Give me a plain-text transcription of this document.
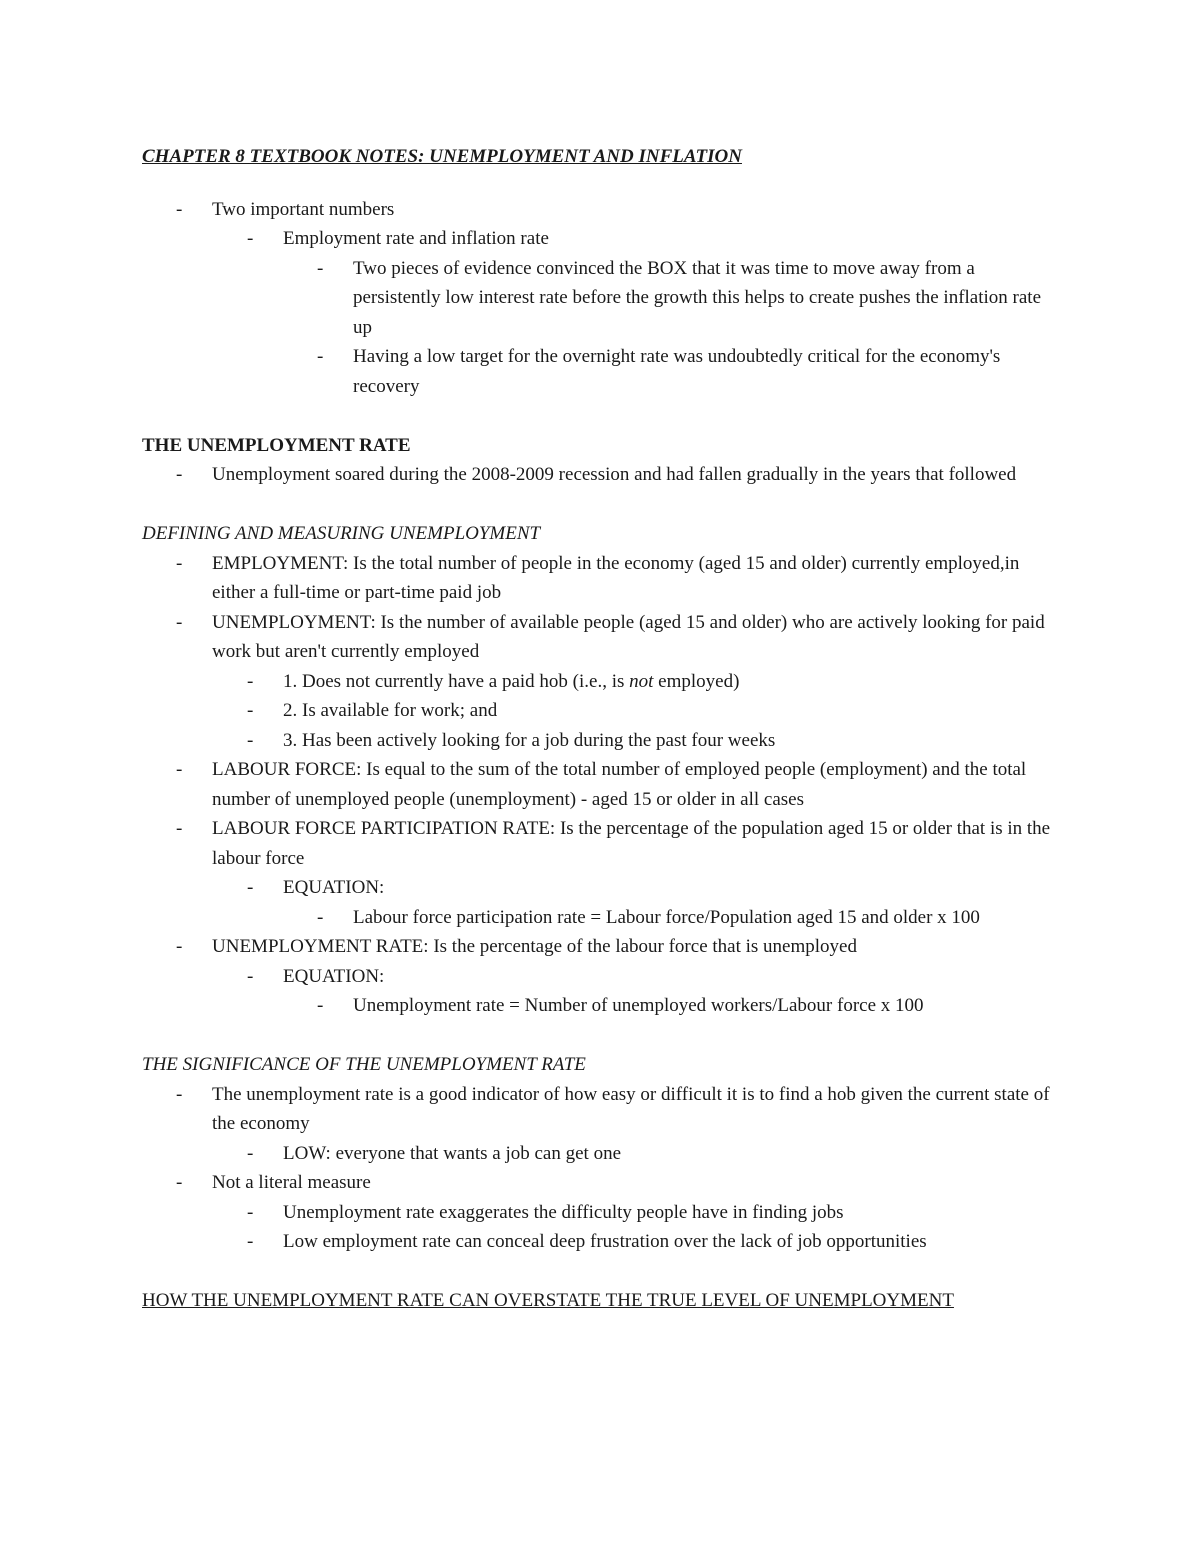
CHAPTER 8 TEXTBOOK NOTES: UNEMPLOYMENT AND INFLATION

- Two important numbers
- Employment rate and inflation rate
- Two pieces of evidence convinced the BOX that it was time to move away from a persistently low interest rate before the growth this helps to create pushes the inflation rate up
- Having a low target for the overnight rate was undoubtedly critical for the economy's recovery

THE UNEMPLOYMENT RATE

- Unemployment soared during the 2008-2009 recession and had fallen gradually in the years that followed

DEFINING AND MEASURING UNEMPLOYMENT

- EMPLOYMENT: Is the total number of people in the economy (aged 15 and older) currently employed,in either a full-time or part-time paid job
- UNEMPLOYMENT: Is the number of available people (aged 15 and older) who are actively looking for paid work but aren't currently employed
- 1. Does not currently have a paid hob (i.e., is not employed)
- 2. Is available for work; and
- 3. Has been actively looking for a job during the past four weeks
- LABOUR FORCE: Is equal to the sum of the total number of employed people (employment) and the total number of unemployed people (unemployment) - aged 15 or older in all cases
- LABOUR FORCE PARTICIPATION RATE: Is the percentage of the population aged 15 or older that is in the labour force
- EQUATION:
- Labour force participation rate = Labour force/Population aged 15 and older x 100
- UNEMPLOYMENT RATE: Is the percentage of the labour force that is unemployed
- EQUATION:
- Unemployment rate = Number of unemployed workers/Labour force x 100

THE SIGNIFICANCE OF THE UNEMPLOYMENT RATE

- The unemployment rate is a good indicator of how easy or difficult it is to find a hob given the current state of the economy
- LOW: everyone that wants a job can get one
- Not a literal measure
- Unemployment rate exaggerates the difficulty people have in finding jobs
- Low employment rate can conceal deep frustration over the lack of job opportunities

HOW THE UNEMPLOYMENT RATE CAN OVERSTATE THE TRUE LEVEL OF UNEMPLOYMENT
